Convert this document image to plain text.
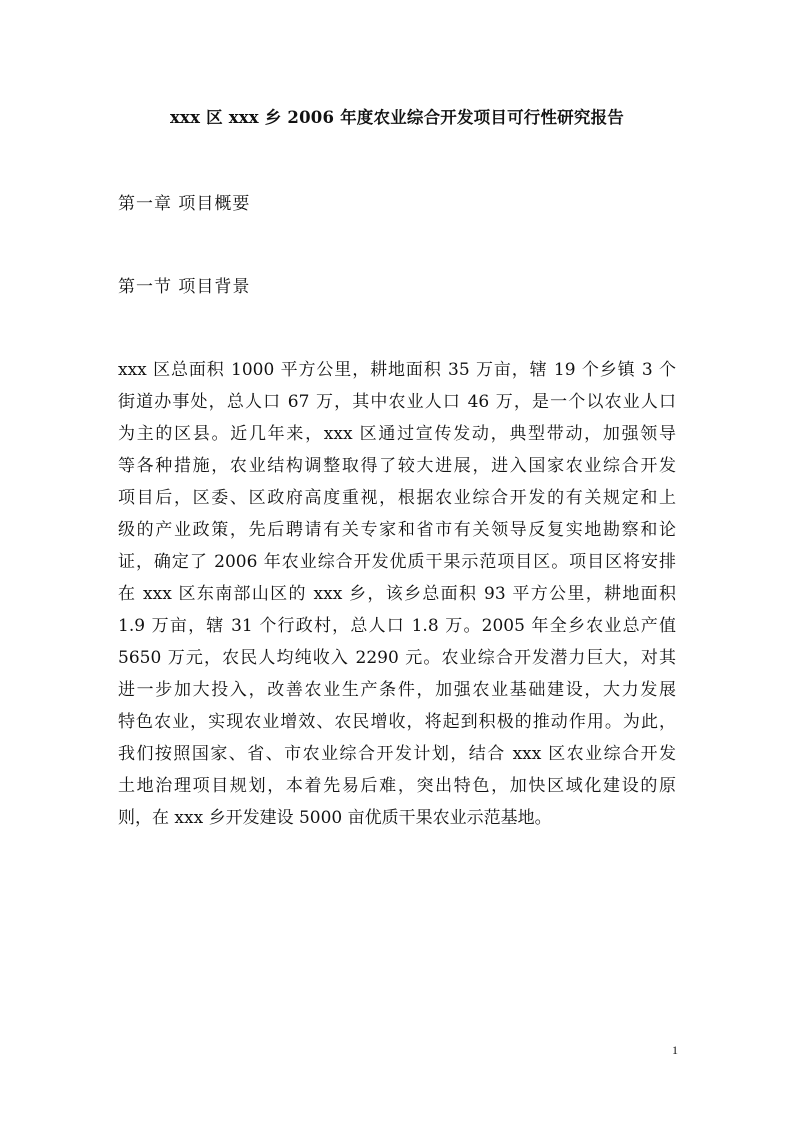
xxx 区 xxx 乡 2006 年度农业综合开发项目可行性研究报告
第一章 项目概要
第一节 项目背景
xxx 区总面积 1000 平方公里，耕地面积 35 万亩，辖 19 个乡镇 3 个
街道办事处，总人口 67 万，其中农业人口 46 万，是一个以农业人口
为主的区县。近几年来，xxx 区通过宣传发动，典型带动，加强领导
等各种措施，农业结构调整取得了较大进展，进入国家农业综合开发
项目后，区委、区政府高度重视，根据农业综合开发的有关规定和上
级的产业政策，先后聘请有关专家和省市有关领导反复实地勘察和论
证，确定了 2006 年农业综合开发优质干果示范项目区。项目区将安排
在 xxx 区东南部山区的 xxx 乡，该乡总面积 93 平方公里，耕地面积
1.9 万亩，辖 31 个行政村，总人口 1.8 万。2005 年全乡农业总产值
5650 万元，农民人均纯收入 2290 元。农业综合开发潜力巨大，对其
进一步加大投入，改善农业生产条件，加强农业基础建设，大力发展
特色农业，实现农业增效、农民增收，将起到积极的推动作用。为此，
我们按照国家、省、市农业综合开发计划，结合 xxx 区农业综合开发
土地治理项目规划，本着先易后难，突出特色，加快区域化建设的原
则，在 xxx 乡开发建设 5000 亩优质干果农业示范基地。
1
